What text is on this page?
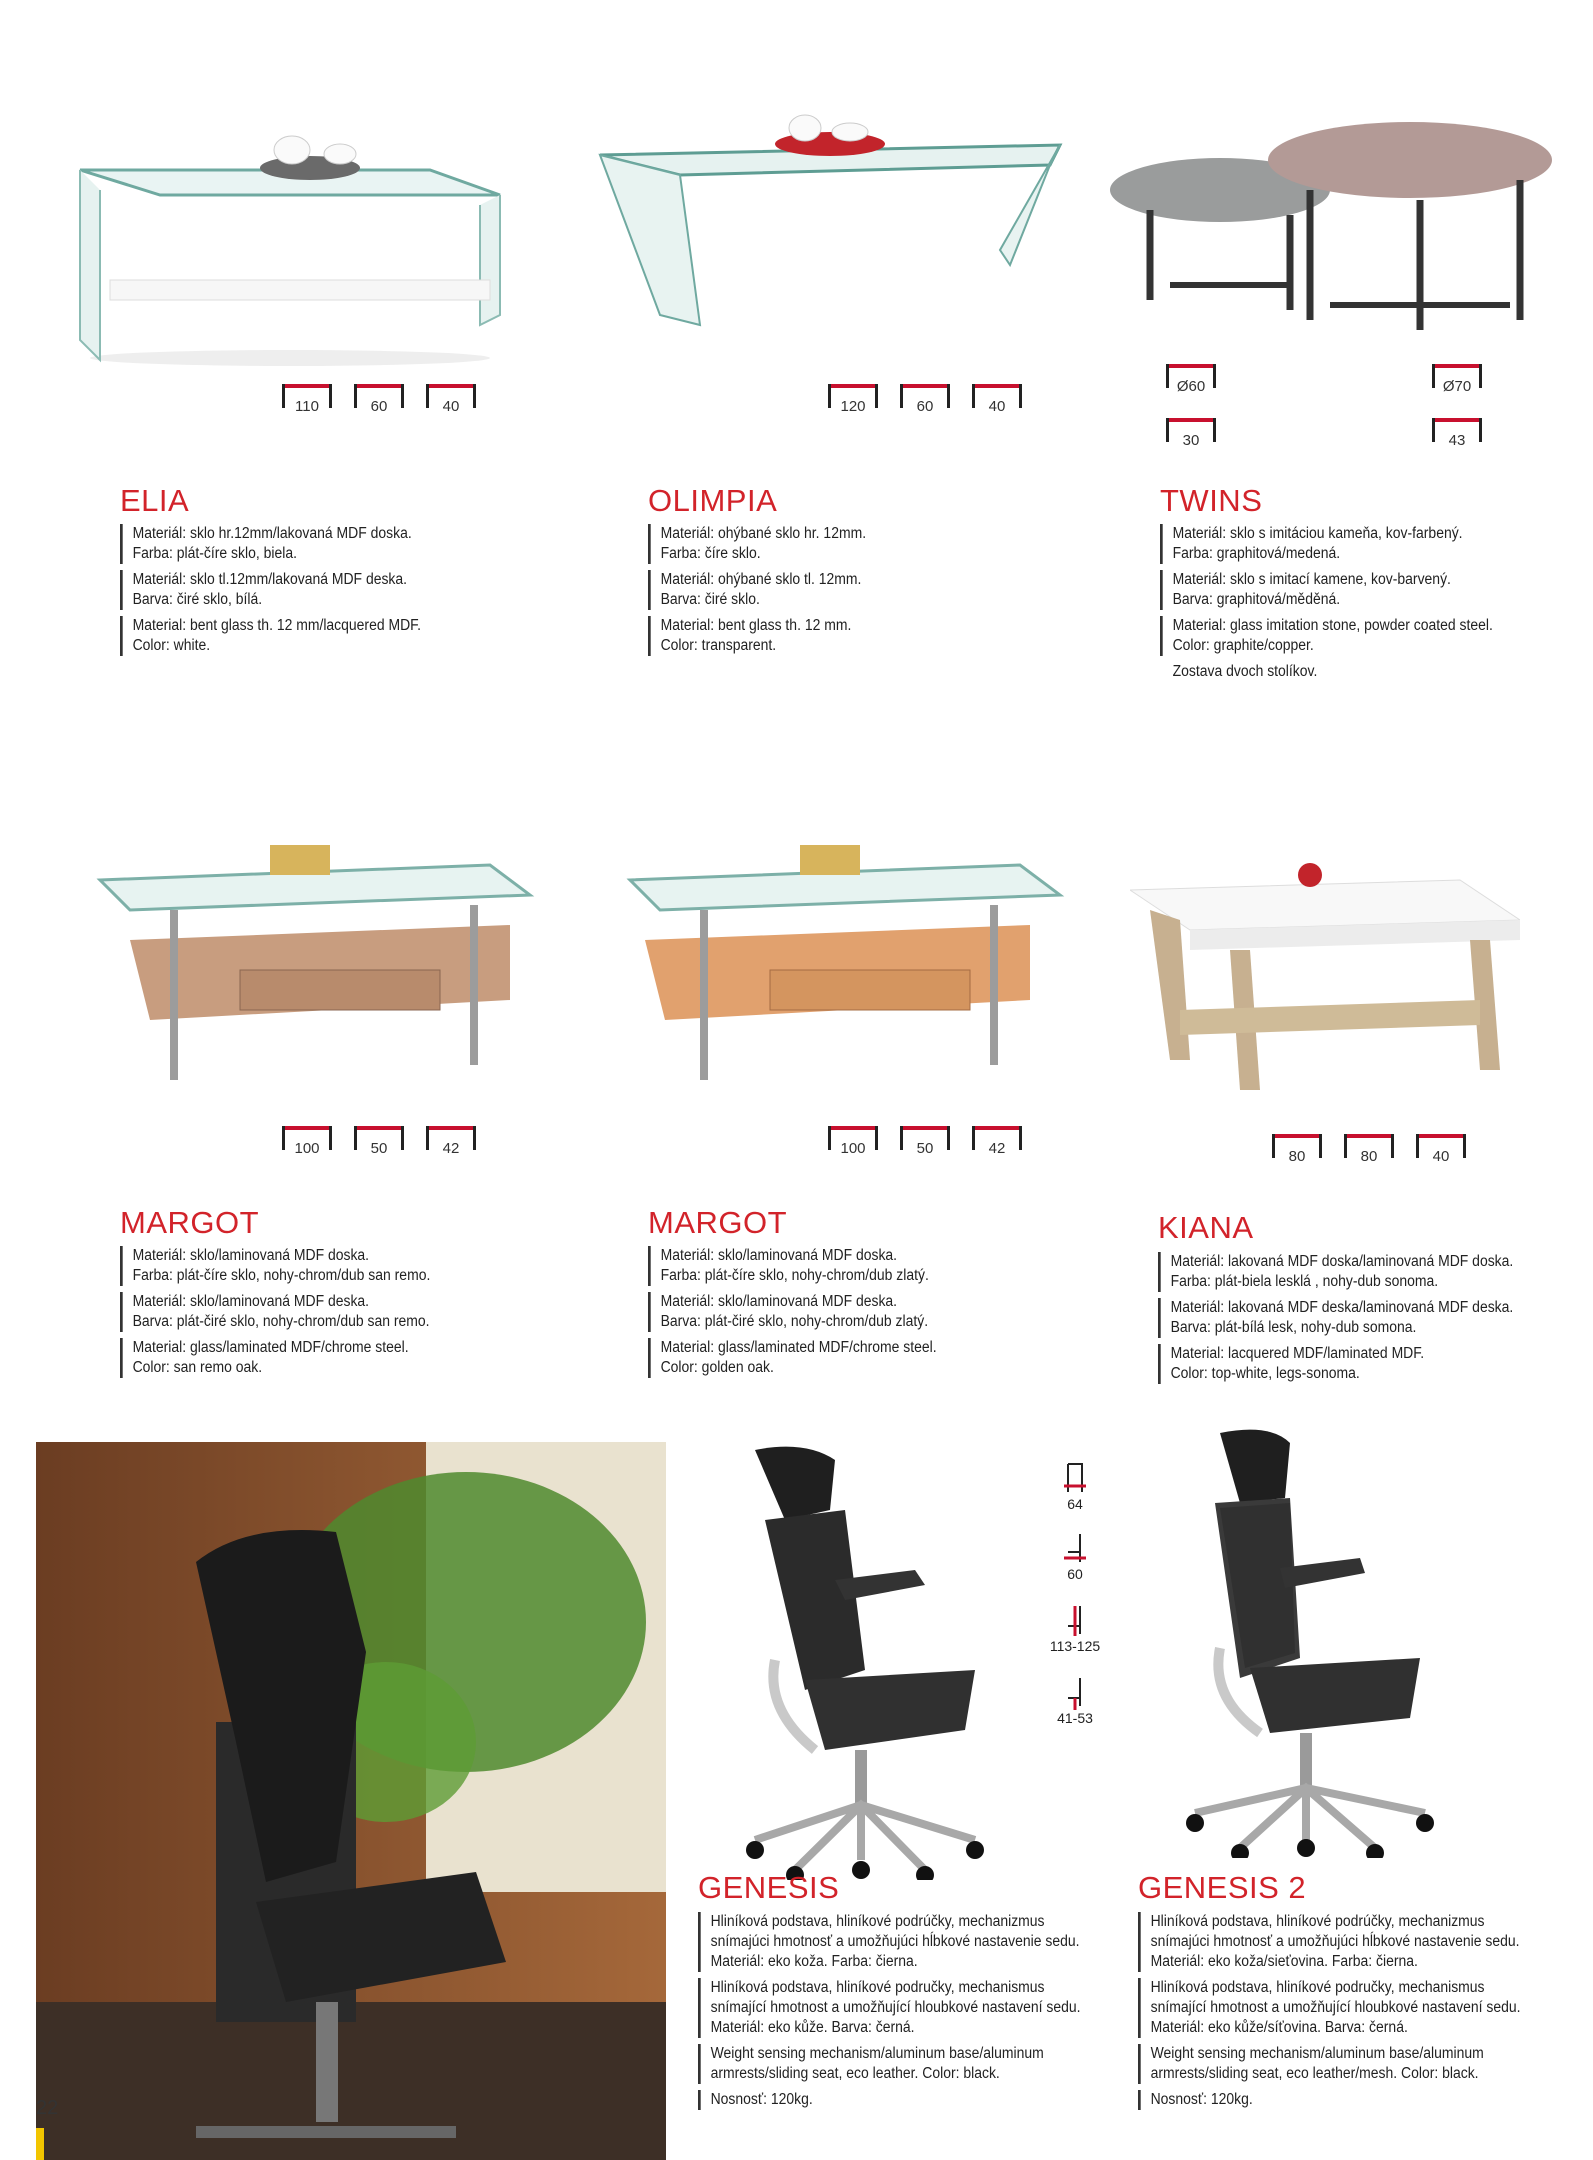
110	60	40	120	60	40
Ø60	Ø70
30	43
ELIA
Materiál: sklo hr.12mm/lakovaná MDF doska.
Farba: plát-číre sklo, biela.
Materiál: sklo tl.12mm/lakovaná MDF deska.
Barva: čiré sklo, bílá.
Material: bent glass th. 12 mm/lacquered MDF.
Color: white.
OLIMPIA
Materiál: ohýbané sklo hr. 12mm.
Farba: číre sklo.
Materiál: ohýbané sklo tl. 12mm.
Barva: čiré sklo.
Material: bent glass th. 12 mm.
Color: transparent.
TWINS
Materiál: sklo s imitáciou kameňa, kov-farbený.
Farba: graphitová/medená.
Materiál: sklo s imitací kamene, kov-barvený.
Barva: graphitová/měděná.
Material: glass imitation stone, powder coated steel.
Color: graphite/copper.
Zostava dvoch stolíkov.
100	50	42	100	50	42	80	80	40
MARGOT
Materiál: sklo/laminovaná MDF doska.
Farba: plát-číre sklo, nohy-chrom/dub san remo.
Materiál: sklo/laminovaná MDF deska.
Barva: plát-čiré sklo, nohy-chrom/dub san remo.
Material: glass/laminated MDF/chrome steel.
Color: san remo oak.
MARGOT
Materiál: sklo/laminovaná MDF doska.
Farba: plát-číre sklo, nohy-chrom/dub zlatý.
Materiál: sklo/laminovaná MDF deska.
Barva: plát-čiré sklo, nohy-chrom/dub zlatý.
Material: glass/laminated MDF/chrome steel.
Color: golden oak.
KIANA
Materiál: lakovaná MDF doska/laminovaná MDF doska.
Farba: plát-biela lesklá , nohy-dub sonoma.
Materiál: lakovaná MDF deska/laminovaná MDF deska.
Barva: plát-bílá lesk, nohy-dub somona.
Material: lacquered MDF/laminated MDF.
Color: top-white, legs-sonoma.
64
60
113-125
41-53
GENESIS
Hliníková podstava, hliníkové podrúčky, mechanizmus
snímajúci hmotnosť a umožňujúci hĺbkové nastavenie sedu.
Materiál: eko koža. Farba: čierna.
Hliníková podstava, hliníkové područky, mechanismus
snímající hmotnost a umožňující hloubkové nastavení sedu.
Materiál: eko kůže. Barva: černá.
Weight sensing mechanism/aluminum base/aluminum
armrests/sliding seat, eco leather. Color: black.
Nosnosť: 120kg.
GENESIS 2
Hliníková podstava, hliníkové podrúčky, mechanizmus
snímajúci hmotnosť a umožňujúci hĺbkové nastavenie sedu.
Materiál: eko koža/sieťovina. Farba: čierna.
Hliníková podstava, hliníkové područky, mechanismus
snímající hmotnost a umožňující hloubkové nastavení sedu.
Materiál: eko kůže/síťovina. Barva: černá.
Weight sensing mechanism/aluminum base/aluminum
armrests/sliding seat, eco leather/mesh. Color: black.
Nosnosť: 120kg.
22
